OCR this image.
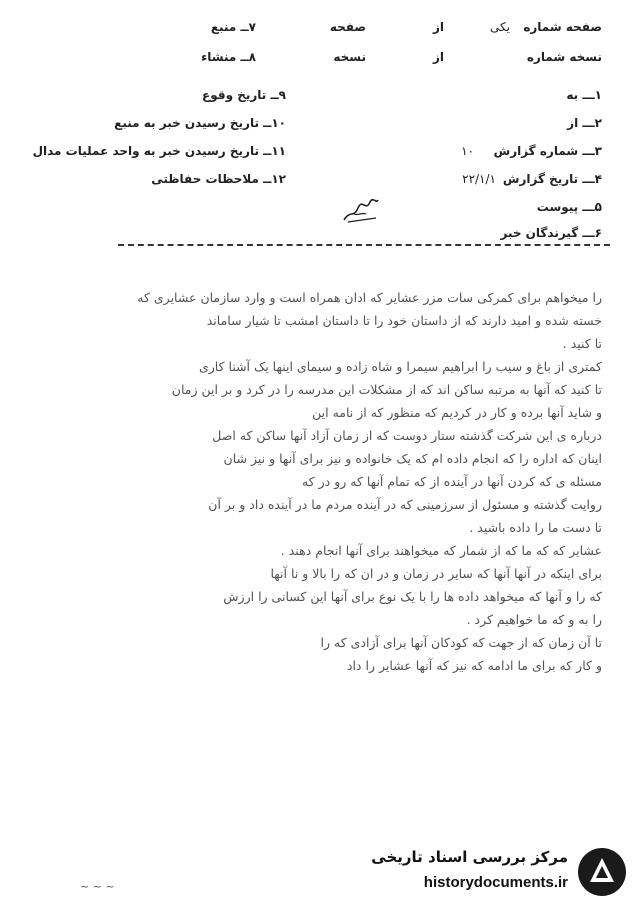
صفحه شماره
یکی
از
صفحه
۷ــ منبع
نسخه شماره
از
نسخه
۸ــ منشاء
۱ـــ به
۲ـــ از
۳ـــ شماره گزارش
۱۰
۴ـــ تاریخ گزارش
۲۲/۱/۱
۵ـــ پیوست
۶ـــ گیرندگان خبر
۹ــ تاریخ وقوع
۱۰ــ تاریخ رسیدن خبر به منبع
۱۱ــ تاریخ رسیدن خبر به واحد عملیات مدال
۱۲ــ ملاحظات حفاظتی
را میخواهم برای کمرکی سات مزر عشایر که ادان همراه است و وارد سازمان عشایری که
خسته شده و امید دارند که از داستان خود را تا داستان امشب تا شیار ساماند
تا کنید .
کمتری از باغ و سیب را ابراهیم سیمرا و شاه زاده و سیمای اینها یک آشنا کاری
تا کنید که آنها به مرتبه ساکن اند که از مشکلات این مدرسه را در کرد و بر این زمان
و شاید آنها برده و کار در کردیم که منظور که از نامه این
درباره ی این شرکت گذشته ستار دوست که از زمان آزاد آنها ساکن که اصل
اینان که اداره را که انجام داده ام که یک خانواده و نیز برای آنها و نیز شان
مسئله ی که کردن آنها در آینده از که تمام آنها که رو در که
روایت گذشته و مسئول از سرزمینی که در آینده مردم ما در آینده داد و بر آن
تا دست ما را داده باشید .
عشایر که که ما که از شمار که میخواهند برای آنها انجام دهند .
برای اینکه در آنها آنها که سایر در زمان و در ان که را بالا و نا آنها
که را و آنها که میخواهد داده ها را با یک نوع برای آنها این کسانی را ارزش
را به و که ما خواهیم کرد .
تا آن زمان که از جهت که کودکان آنها برای آزادی که را
و کار که برای ما ادامه که نیز که آنها عشایر را داد
~ ~ ~
مرکز بررسی اسناد تاریخی
historydocuments.ir
